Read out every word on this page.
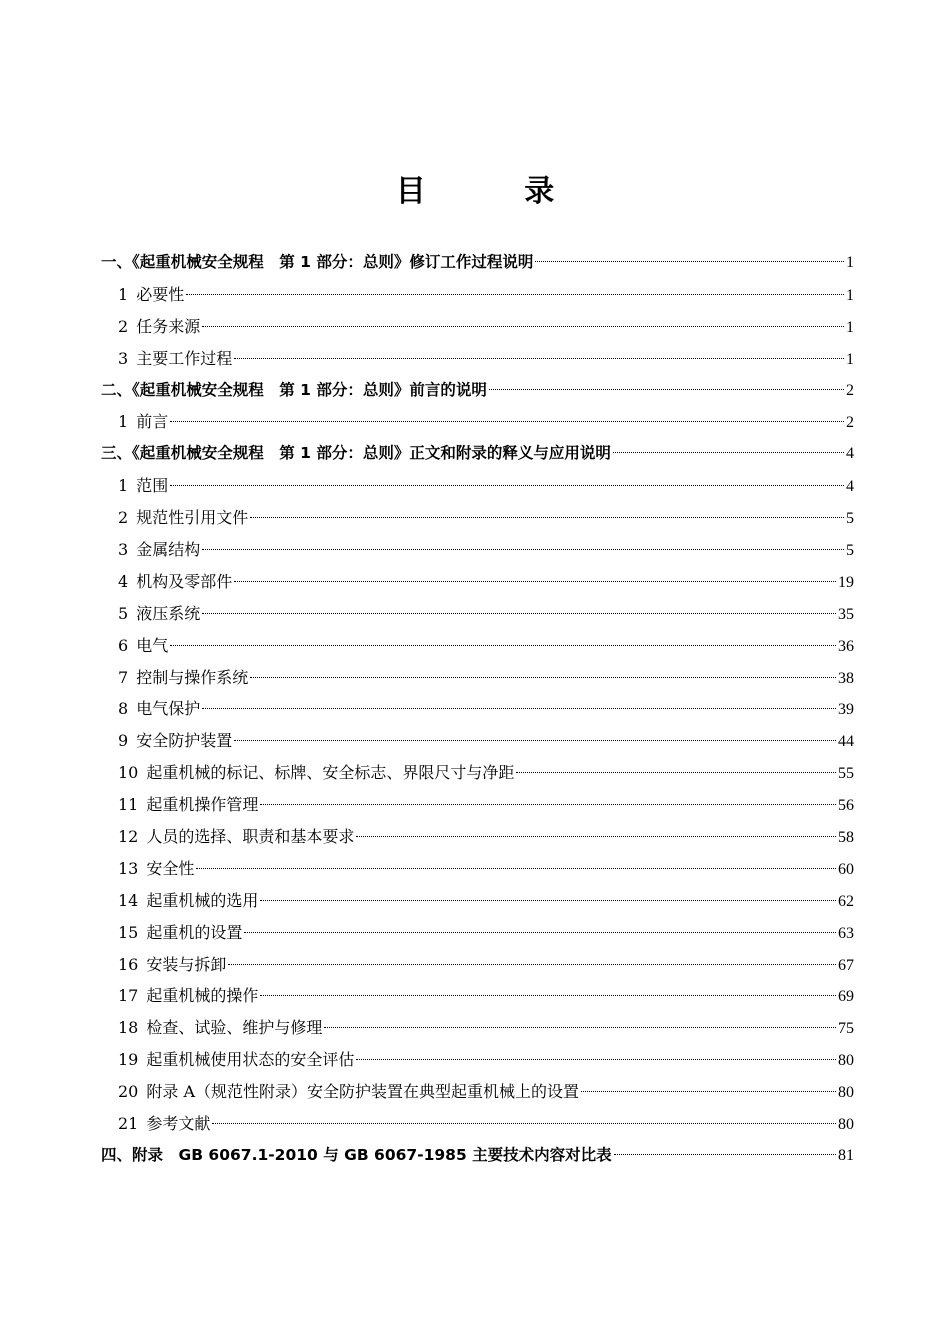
目 录
一、《起重机械安全规程　第 1 部分：总则》修订工作过程说明	1
1 必要性	1
2 任务来源	1
3 主要工作过程	1
二、《起重机械安全规程　第 1 部分：总则》前言的说明	2
1 前言	2
三、《起重机械安全规程　第 1 部分：总则》正文和附录的释义与应用说明	4
1 范围	4
2 规范性引用文件	5
3 金属结构	5
4 机构及零部件	19
5 液压系统	35
6 电气	36
7 控制与操作系统	38
8 电气保护	39
9 安全防护装置	44
10 起重机械的标记、标牌、安全标志、界限尺寸与净距	55
11 起重机操作管理	56
12 人员的选择、职责和基本要求	58
13 安全性	60
14 起重机械的选用	62
15 起重机的设置	63
16 安装与拆卸	67
17 起重机械的操作	69
18 检查、试验、维护与修理	75
19 起重机械使用状态的安全评估	80
20 附录 A（规范性附录）安全防护装置在典型起重机械上的设置	80
21 参考文献	80
四、附录　GB 6067.1-2010 与 GB 6067-1985 主要技术内容对比表	81
